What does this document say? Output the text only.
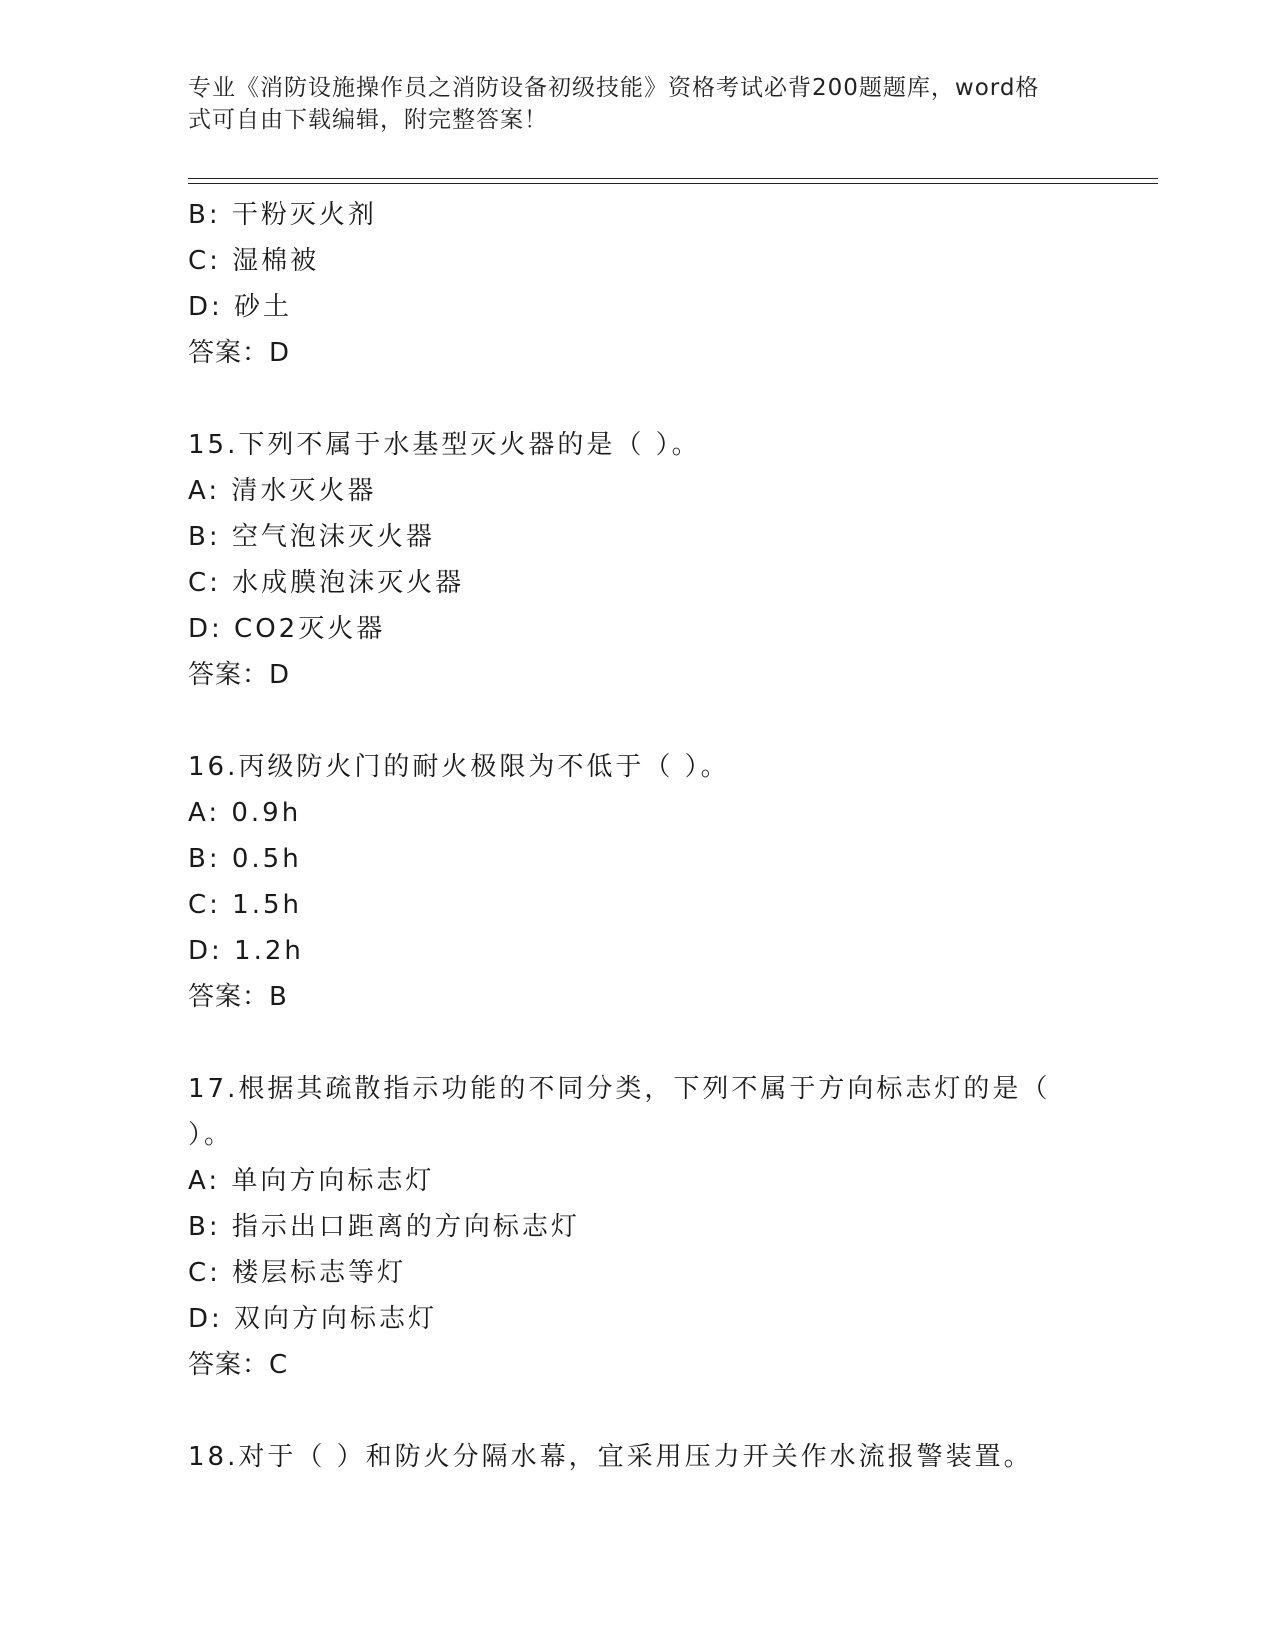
专业《消防设施操作员之消防设备初级技能》资格考试必背200题题库，word格
式可自由下载编辑，附完整答案！
B: 干粉灭火剂
C: 湿棉被
D: 砂土
答案：D
15.下列不属于水基型灭火器的是（ ）。
A: 清水灭火器
B: 空气泡沫灭火器
C: 水成膜泡沫灭火器
D: CO2灭火器
答案：D
16.丙级防火门的耐火极限为不低于（ ）。
A: 0.9h
B: 0.5h
C: 1.5h
D: 1.2h
答案：B
17.根据其疏散指示功能的不同分类，下列不属于方向标志灯的是（
）。
A: 单向方向标志灯
B: 指示出口距离的方向标志灯
C: 楼层标志等灯
D: 双向方向标志灯
答案：C
18.对于（ ）和防火分隔水幕，宜采用压力开关作水流报警装置。
